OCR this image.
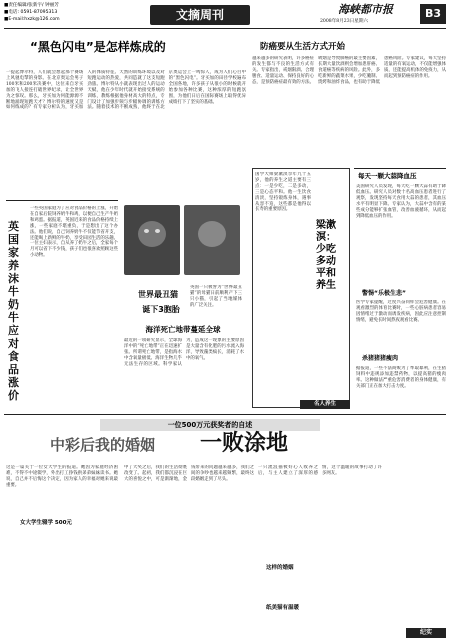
■责任编辑/张新宇/ 钟丽芳
■电话: 0591-87095313
■E-mail:hxzk@126.com	文摘周刊	海峡都市报
2008年8月23日星期六
B3
“黑色闪电”是怎样炼成的
一提起博尔特，人们就会想起那个赛场上风驰电掣的身影。在北京奥运会男子100米和200米决赛中，这位来自牙买加的飞人接连打破世界纪录，让全世界为之惊叹。那么，牙买加为何能源源不断地涌现短跑天才？博尔特的速度又是如何练成的？有专家分析认为，牙买加人的体质特征、天然的训练环境以及对短跑运动的热爱，共同造就了这支短跑劲旅。博尔特从小就表现出过人的运动天赋，他在少年时代就开始接受系统的训练，教练根据他身材高大的特点，专门设计了加强步频与步幅协调的训练方法。随着技术的不断成熟，他终于在北京奥运会上一鸣惊人，成为人们心目中的“黑色闪电”。牙买加的田径学校遍布全国各地，许多孩子从很小的时候就开始参加各种比赛，这种浓厚的短跑氛围，为他们日后在国际赛场上取得优异成绩打下了坚实的基础。
英国家养沫牛奶牛应对食品涨价
一些英国家庭为了应对食品价格的上涨，开始在自家后院饲养奶牛和鸡，以便自己生产牛奶和鸡蛋。据报道，英国近来的食品价格持续上涨，一些家庭不堪重负，于是想出了这个办法。他们说，自己饲养奶牛不仅能节省开支，还能喝上新鲜的牛奶，享受田园生活的乐趣。一位主妇表示，自从养了奶牛之后，全家每个月可以省下不少钱，孩子们也很喜欢照顾这些小动物。
世界最丑猫
诞下3胞胎
英国一只被誉为“世界最丑猫”的母猫日前顺利产下三只小猫，引起了当地媒体的广泛关注。
海洋死亡地带蔓延全球
最近的一项研究显示，全球海洋中的“死亡地带”正在迅速扩张。所谓死亡地带，是指海水中含氧量极低、海洋生物几乎无法生存的区域。科学家认为，造成这一现象的主要原因是大量含有化肥的污水流入海洋，导致藻类疯长，消耗了水中的氧气。
防癌要从生活方式开始
越来越多的研究表明，许多癌症的发生都与不良的生活方式有关。专家指出，戒烟限酒、合理膳食、适量运动、保持良好的心态，是预防癌症最有效的方法。吸烟是导致肺癌的最主要因素，长期大量饮酒则会增加患肝癌、食道癌等疾病的风险。此外，多吃新鲜的蔬菜水果，少吃腌制、烧烤和油炸食品，也有助于降低患癌风险。专家建议，每天坚持适量的有氧运动，不仅能增强体质，还能提高机体的免疫力，从而起到预防癌症的作用。
国学大师梁漱溟享年九十五岁，他的养生之道主要有三点：一是少吃，二是多动，三是心态平和。他一生饮食清淡，坚持锻炼身体，遇事从容不迫，这些都是他得以长寿的重要原因。
梁漱溟：少吃多动 平和养生
名人养生
每天一颗大蒜降血压
美国研究人员发现，每天吃一颗大蒜有助于降低血压。研究人员对数十名高血压患者进行了观察，发现坚持每天食用大蒜的患者，其血压水平有明显下降。专家认为，大蒜中含有的某些成分能够扩张血管，改善血液循环，从而起到降低血压的作用。
警惕“乐极生悲”
医学专家提醒，过度兴奋同样会危害健康。在观看激烈的体育比赛时，一些心脏病患者容易因情绪过于激动而诱发疾病，因此应注意控制情绪，避免长时间熬夜观看比赛。
杀猪猪猪瘦肉
据报道，一些不法商贩为了牟取暴利，在生猪饲料中违规添加违禁药物，以提高猪的瘦肉率。这种做法严重危害消费者的身体健康，有关部门正在加大打击力度。
一位500万元获奖者的自述
中彩后我的婚姻 一败涂地
女大学生辍学 500元
这是一篇关于一位女大学生的报道。她因为家庭经济困难，不得不中途辍学，外出打工挣钱供弟弟妹妹读书。她说，自己并不后悔这个决定，因为家人的幸福对她来说最重要。
中了大奖之后，我们的生活彻底改变了。起初，我们都沉浸在巨大的喜悦之中，可是渐渐地，金钱带来的问题越来越多，我们之间的争吵也越来越频繁，最终这段婚姻走到了尽头。
这样的婚姻
一只流浪猫被好心人收养之后，与主人建立了深厚的感情，这个温暖的故事打动了许多网友。
纸美猫有温暖
纪实
